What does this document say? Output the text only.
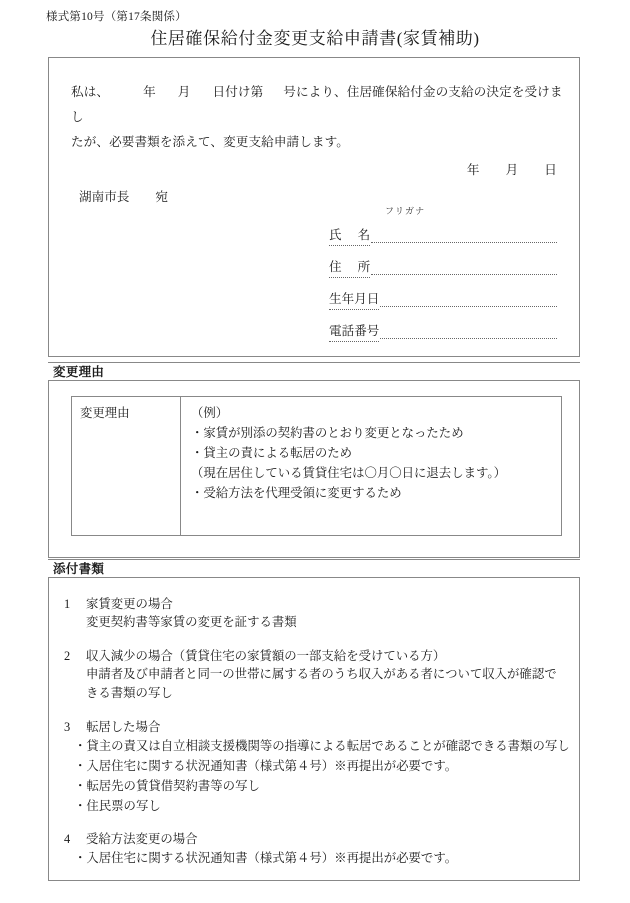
様式第10号（第17条関係）
住居確保給付金変更支給申請書(家賃補助)
私は、	年 月 日付け第 号により、住居確保給付金の支給の決定を受けまし
たが、必要書類を添えて、変更支給申請します。
年 月 日
湖南市長 宛
フリガナ
氏 名
住 所
生年月日
電話番号
変更理由
変更理由	（例）
・家賃が別添の契約書のとおり変更となったため
・貸主の責による転居のため
（現在居住している賃貸住宅は〇月〇日に退去します。）
・受給方法を代理受領に変更するため
添付書類
1	家賃変更の場合
変更契約書等家賃の変更を証する書類
2	収入減少の場合（賃貸住宅の家賃額の一部支給を受けている方）
申請者及び申請者と同一の世帯に属する者のうち収入がある者について収入が確認できる書類の写し
3	転居した場合
・貸主の責又は自立相談支援機関等の指導による転居であることが確認できる書類の写し
・入居住宅に関する状況通知書（様式第４号）※再提出が必要です。
・転居先の賃貸借契約書等の写し
・住民票の写し
4	受給方法変更の場合
・入居住宅に関する状況通知書（様式第４号）※再提出が必要です。
